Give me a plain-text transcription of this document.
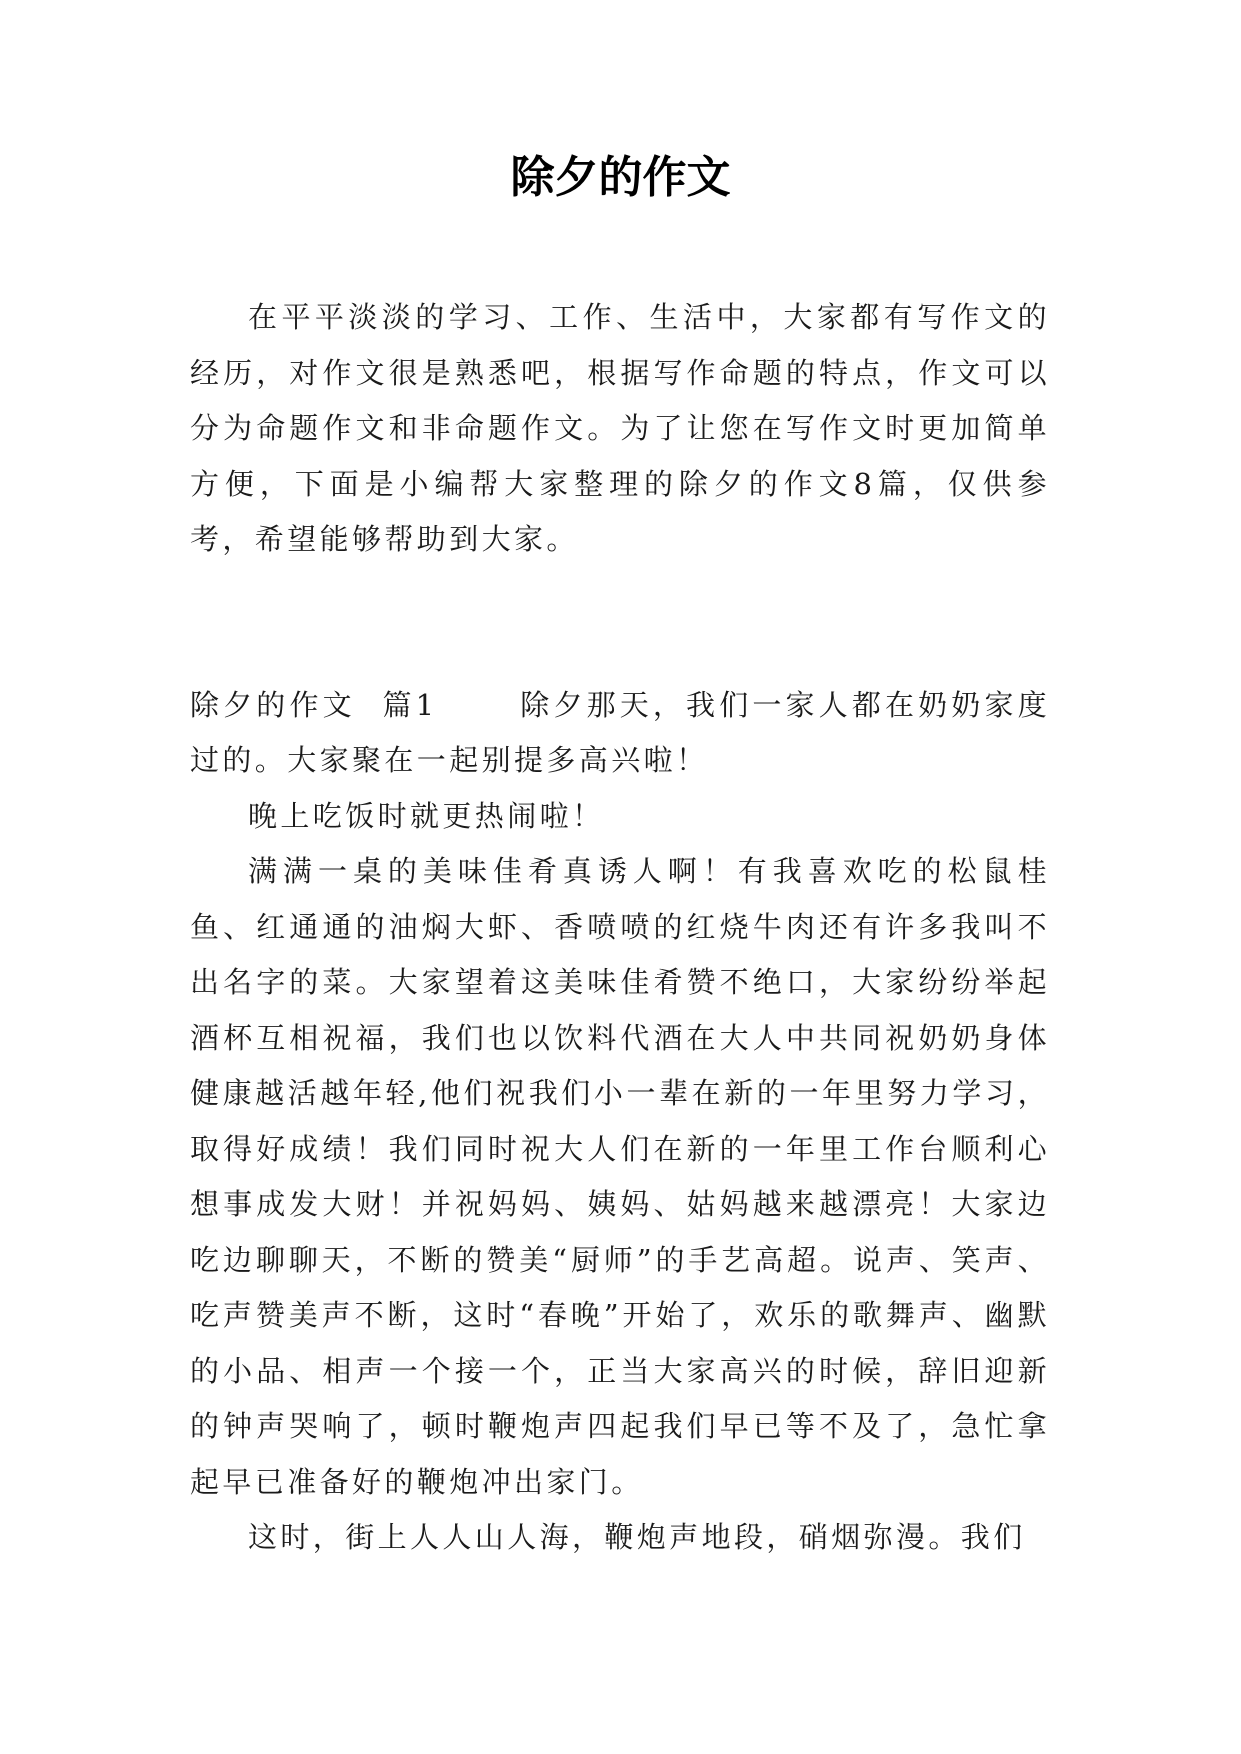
除夕的作文

在平平淡淡的学习、工作、生活中，大家都有写作文的经历，对作文很是熟悉吧，根据写作命题的特点，作文可以分为命题作文和非命题作文。为了让您在写作文时更加简单方便，下面是小编帮大家整理的除夕的作文8篇，仅供参考，希望能够帮助到大家。

除夕的作文  篇1	除夕那天，我们一家人都在奶奶家度过的。大家聚在一起别提多高兴啦！

晚上吃饭时就更热闹啦！

满满一桌的美味佳肴真诱人啊！有我喜欢吃的松鼠桂鱼、红通通的油焖大虾、香喷喷的红烧牛肉还有许多我叫不出名字的菜。大家望着这美味佳肴赞不绝口，大家纷纷举起酒杯互相祝福，我们也以饮料代酒在大人中共同祝奶奶身体健康越活越年轻,他们祝我们小一辈在新的一年里努力学习，取得好成绩！我们同时祝大人们在新的一年里工作台顺利心想事成发大财！并祝妈妈、姨妈、姑妈越来越漂亮！大家边吃边聊聊天，不断的赞美“厨师”的手艺高超。说声、笑声、吃声赞美声不断，这时“春晚”开始了，欢乐的歌舞声、幽默的小品、相声一个接一个，正当大家高兴的时候，辞旧迎新的钟声哭响了，顿时鞭炮声四起我们早已等不及了，急忙拿起早已准备好的鞭炮冲出家门。

这时，街上人人山人海，鞭炮声地段，硝烟弥漫。我们
